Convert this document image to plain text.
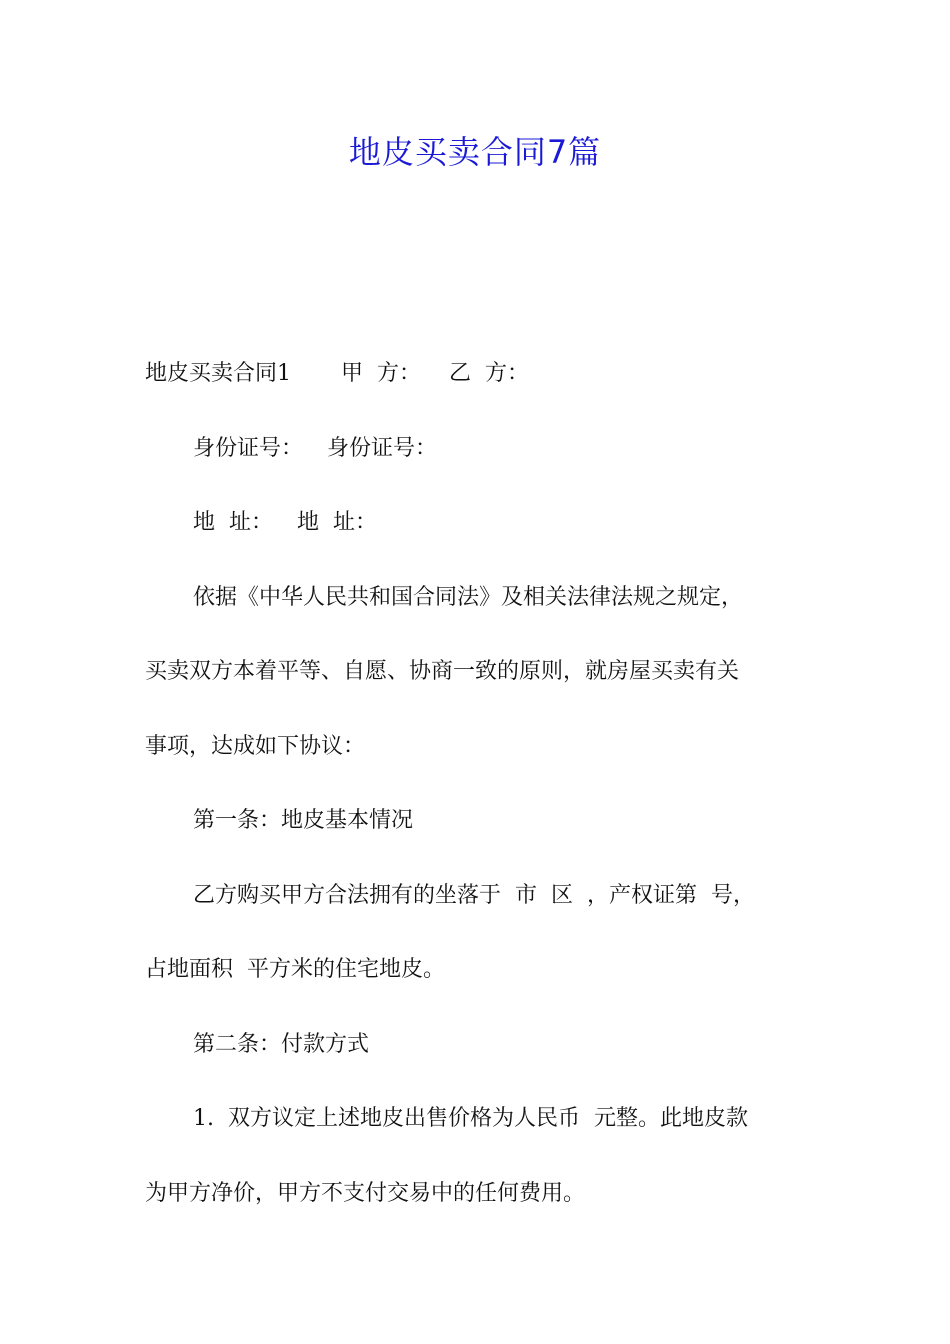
地皮买卖合同7篇
地皮买卖合同1 甲  方： 乙  方：
身份证号： 身份证号：
地  址： 地  址：
依据《中华人民共和国合同法》及相关法律法规之规定，
买卖双方本着平等、自愿、协商一致的原则，就房屋买卖有关
事项，达成如下协议：
第一条：地皮基本情况
乙方购买甲方合法拥有的坐落于  市  区  ，产权证第  号，
占地面积  平方米的住宅地皮。
第二条：付款方式
1.  双方议定上述地皮出售价格为人民币  元整。此地皮款
为甲方净价，甲方不支付交易中的任何费用。
